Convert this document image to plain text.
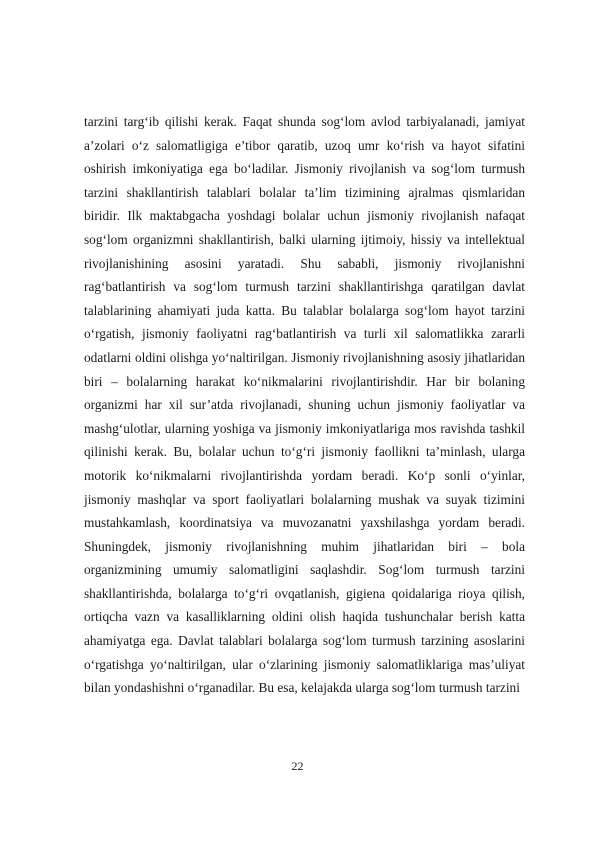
tarzini targ‘ib qilishi kerak. Faqat shunda sog‘lom avlod tarbiyalanadi, jamiyat a’zolari o‘z salomatligiga e’tibor qaratib, uzoq umr ko‘rish va hayot sifatini oshirish imkoniyatiga ega bo‘ladilar. Jismoniy rivojlanish va sog‘lom turmush tarzini shakllantirish talablari bolalar ta’lim tizimining ajralmas qismlaridan biridir. Ilk maktabgacha yoshdagi bolalar uchun jismoniy rivojlanish nafaqat sog‘lom organizmni shakllantirish, balki ularning ijtimoiy, hissiy va intellektual rivojlanishining asosini yaratadi. Shu sababli, jismoniy rivojlanishni rag‘batlantirish va sog‘lom turmush tarzini shakllantirishga qaratilgan davlat talablarining ahamiyati juda katta. Bu talablar bolalarga sog‘lom hayot tarzini o‘rgatish, jismoniy faoliyatni rag‘batlantirish va turli xil salomatlikka zararli odatlarni oldini olishga yo‘naltirilgan. Jismoniy rivojlanishning asosiy jihatlaridan biri – bolalarning harakat ko‘nikmalarini rivojlantirishdir. Har bir bolaning organizmi har xil sur’atda rivojlanadi, shuning uchun jismoniy faoliyatlar va mashg‘ulotlar, ularning yoshiga va jismoniy imkoniyatlariga mos ravishda tashkil qilinishi kerak. Bu, bolalar uchun to‘g‘ri jismoniy faollikni ta’minlash, ularga motorik ko‘nikmalarni rivojlantirishda yordam beradi. Ko‘p sonli o‘yinlar, jismoniy mashqlar va sport faoliyatlari bolalarning mushak va suyak tizimini mustahkamlash, koordinatsiya va muvozanatni yaxshilashga yordam beradi. Shuningdek, jismoniy rivojlanishning muhim jihatlaridan biri – bola organizmining umumiy salomatligini saqlashdir. Sog‘lom turmush tarzini shakllantirishda, bolalarga to‘g‘ri ovqatlanish, gigiena qoidalariga rioya qilish, ortiqcha vazn va kasalliklarning oldini olish haqida tushunchalar berish katta ahamiyatga ega. Davlat talablari bolalarga sog‘lom turmush tarzining asoslarini o‘rgatishga yo‘naltirilgan, ular o‘zlarining jismoniy salomatliklariga mas’uliyat bilan yondashishni o‘rganadilar. Bu esa, kelajakda ularga sog‘lom turmush tarzini

22
